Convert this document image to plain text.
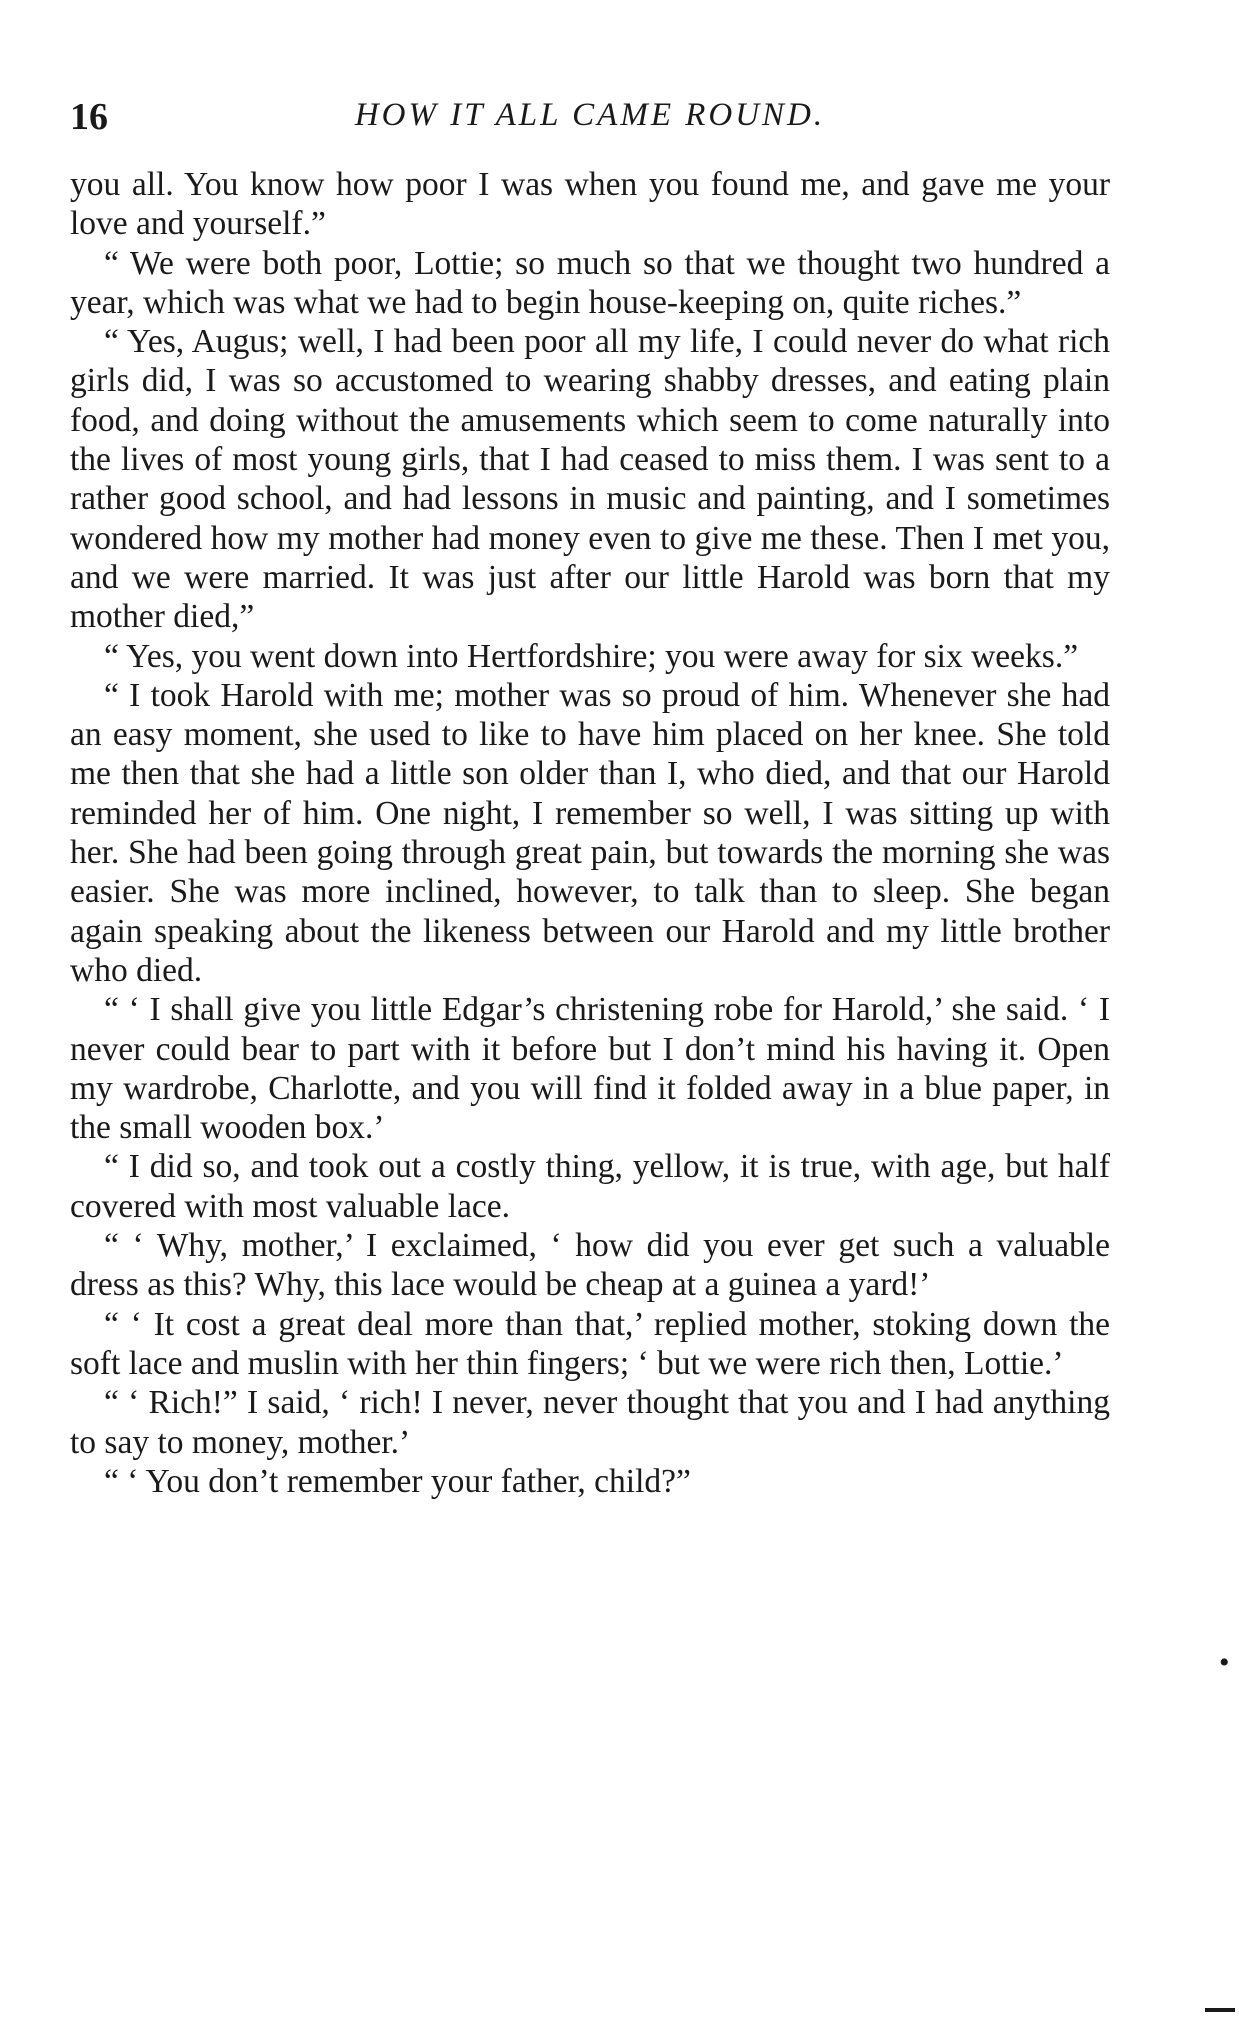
16	HOW IT ALL CAME ROUND.

you all. You know how poor I was when you found me, and gave me your love and yourself.”

“ We were both poor, Lottie; so much so that we thought two hundred a year, which was what we had to begin house-keeping on, quite riches.”

“ Yes, Augus; well, I had been poor all my life, I could never do what rich girls did, I was so accustomed to wearing shabby dresses, and eating plain food, and doing without the amusements which seem to come naturally into the lives of most young girls, that I had ceased to miss them. I was sent to a rather good school, and had lessons in music and painting, and I sometimes wondered how my mother had money even to give me these. Then I met you, and we were married. It was just after our little Harold was born that my mother died,”

“ Yes, you went down into Hertfordshire; you were away for six weeks.”

“ I took Harold with me; mother was so proud of him. Whenever she had an easy moment, she used to like to have him placed on her knee. She told me then that she had a little son older than I, who died, and that our Harold reminded her of him. One night, I remember so well, I was sitting up with her. She had been going through great pain, but towards the morning she was easier. She was more inclined, however, to talk than to sleep. She began again speaking about the likeness between our Harold and my little brother who died.

“ ‘ I shall give you little Edgar’s christening robe for Harold,’ she said. ‘ I never could bear to part with it before but I don’t mind his having it. Open my wardrobe, Charlotte, and you will find it folded away in a blue paper, in the small wooden box.’

“ I did so, and took out a costly thing, yellow, it is true, with age, but half covered with most valuable lace.

“ ‘ Why, mother,’ I exclaimed, ‘ how did you ever get such a valuable dress as this? Why, this lace would be cheap at a guinea a yard!’

“ ‘ It cost a great deal more than that,’ replied mother, stoking down the soft lace and muslin with her thin fingers; ‘ but we were rich then, Lottie.’

“ ‘ Rich!” I said, ‘ rich! I never, never thought that you and I had anything to say to money, mother.’

“ ‘ You don’t remember your father, child?”

•
